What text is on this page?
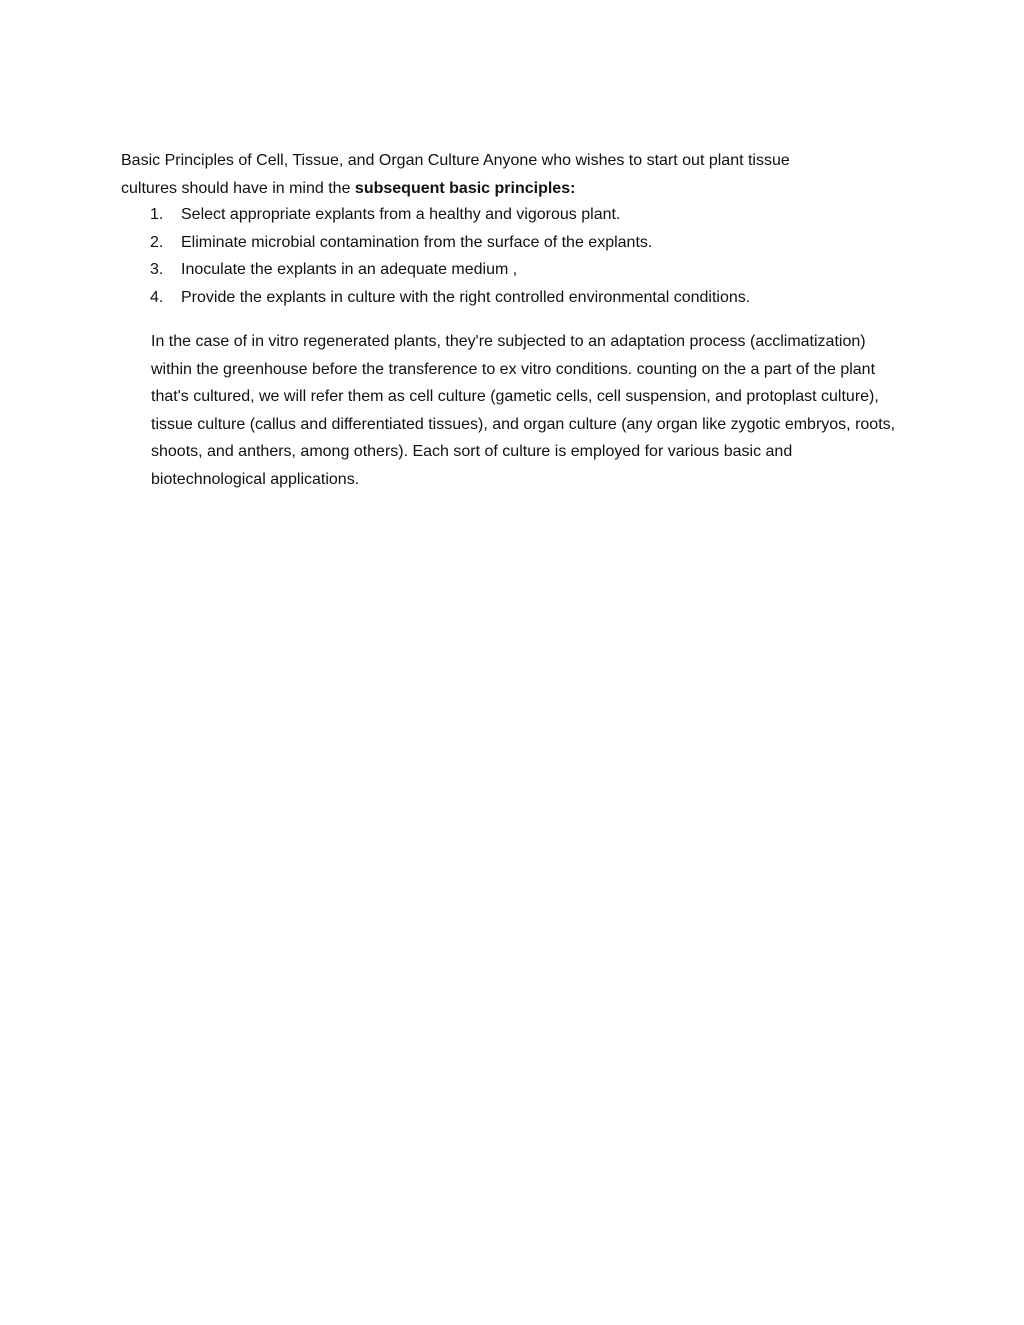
Basic Principles of Cell, Tissue, and Organ Culture Anyone who wishes to start out plant tissue cultures should have in mind the subsequent basic principles:

1.	Select appropriate explants from a healthy and vigorous plant.
2.	Eliminate microbial contamination from the surface of the explants.
3.	Inoculate the explants in an adequate medium ,
4.	Provide the explants in culture with the right controlled environmental conditions.

In the case of in vitro regenerated plants, they're subjected to an adaptation process (acclimatization) within the greenhouse before the transference to ex vitro conditions. counting on the a part of the plant that's cultured, we will refer them as cell culture (gametic cells, cell suspension, and protoplast culture), tissue culture (callus and differentiated tissues), and organ culture (any organ like zygotic embryos, roots, shoots, and anthers, among others). Each sort of culture is employed for various basic and biotechnological applications.
